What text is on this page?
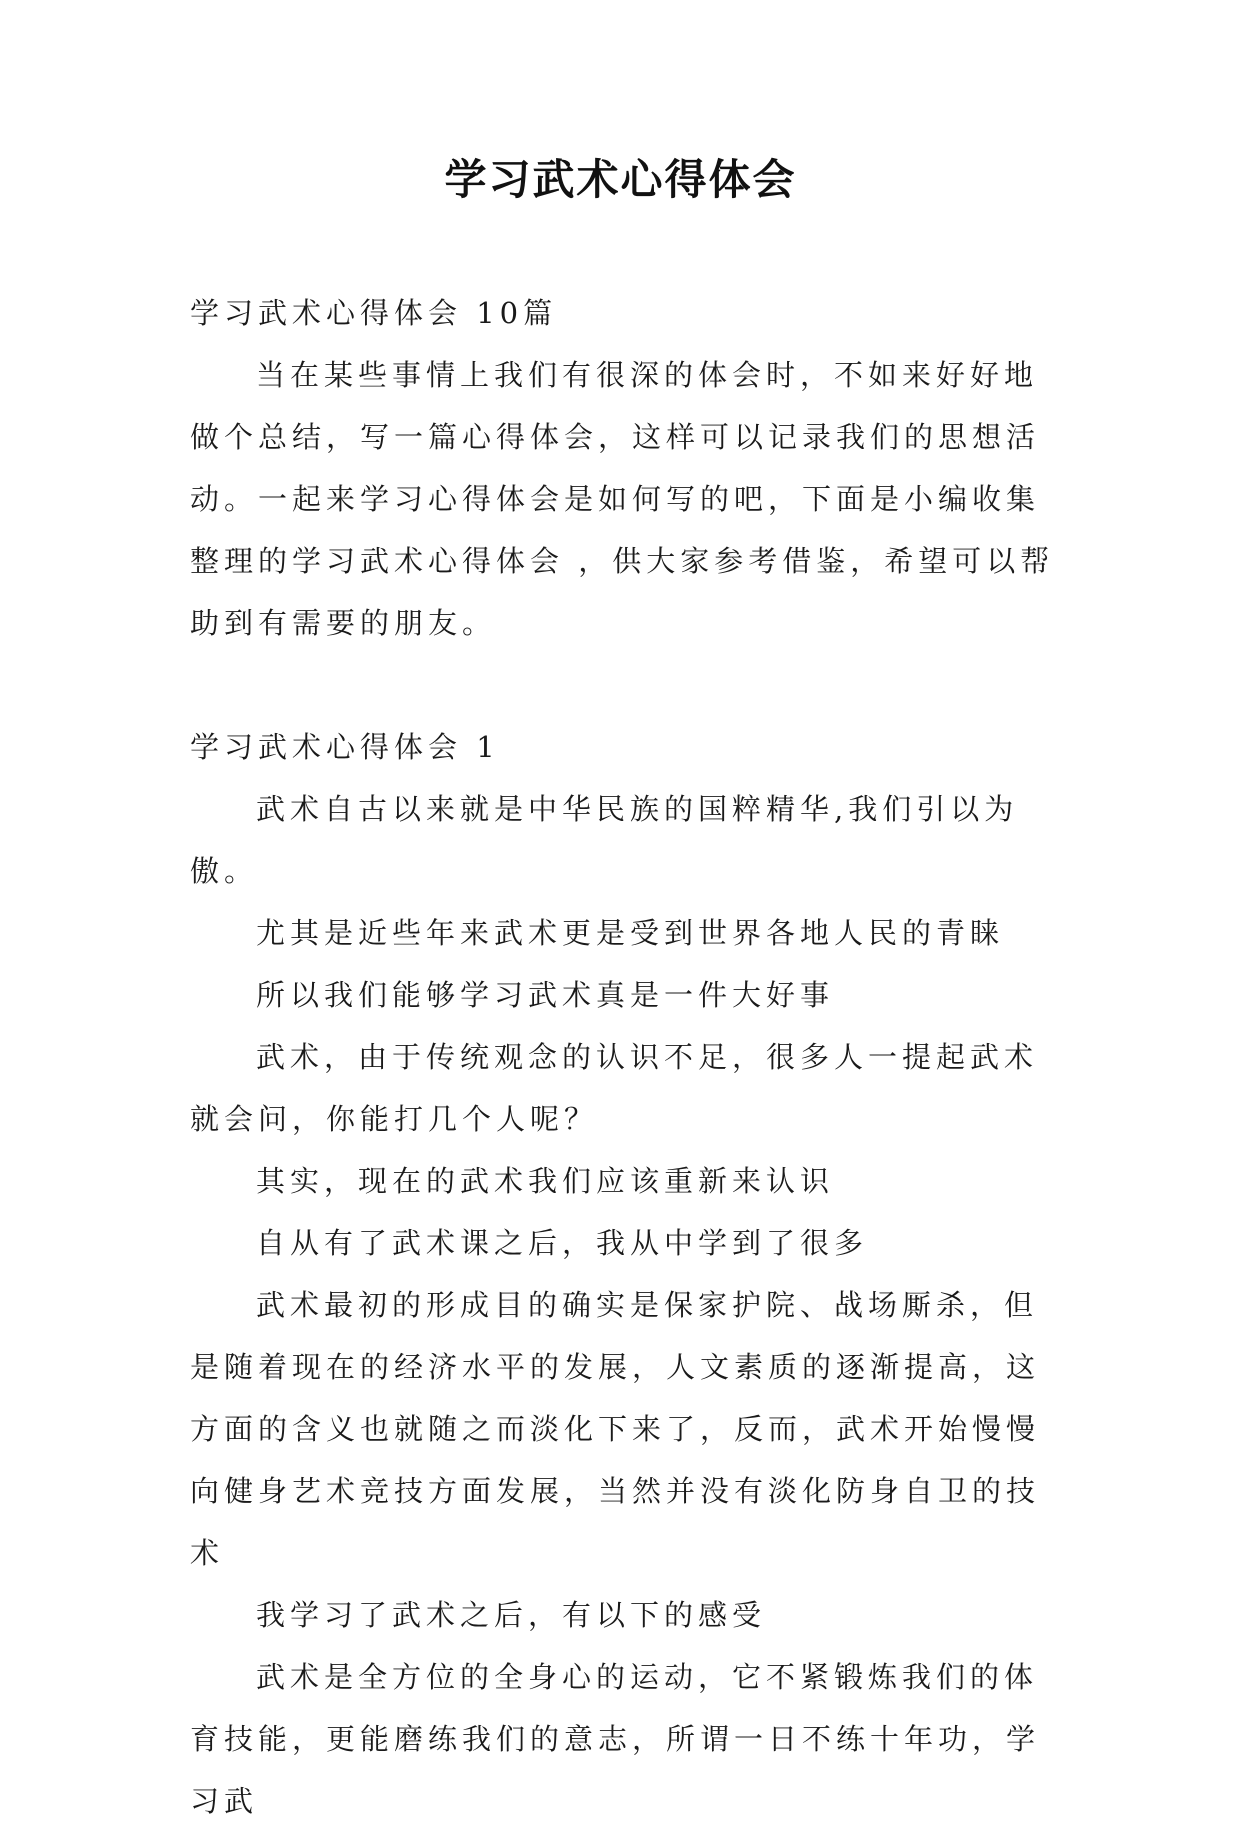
学习武术心得体会

学习武术心得体会 10篇

当在某些事情上我们有很深的体会时，不如来好好地做个总结，写一篇心得体会，这样可以记录我们的思想活动。一起来学习心得体会是如何写的吧，下面是小编收集整理的学习武术心得体会 ，供大家参考借鉴，希望可以帮助到有需要的朋友。

学习武术心得体会 1

武术自古以来就是中华民族的国粹精华,我们引以为傲。

尤其是近些年来武术更是受到世界各地人民的青睐

所以我们能够学习武术真是一件大好事

武术，由于传统观念的认识不足，很多人一提起武术就会问，你能打几个人呢？

其实，现在的武术我们应该重新来认识

自从有了武术课之后，我从中学到了很多

武术最初的形成目的确实是保家护院、战场厮杀，但是随着现在的经济水平的发展，人文素质的逐渐提高，这方面的含义也就随之而淡化下来了，反而，武术开始慢慢向健身艺术竞技方面发展，当然并没有淡化防身自卫的技术

我学习了武术之后，有以下的感受

武术是全方位的全身心的运动，它不紧锻炼我们的体育技能，更能磨练我们的意志，所谓一日不练十年功，学习武
